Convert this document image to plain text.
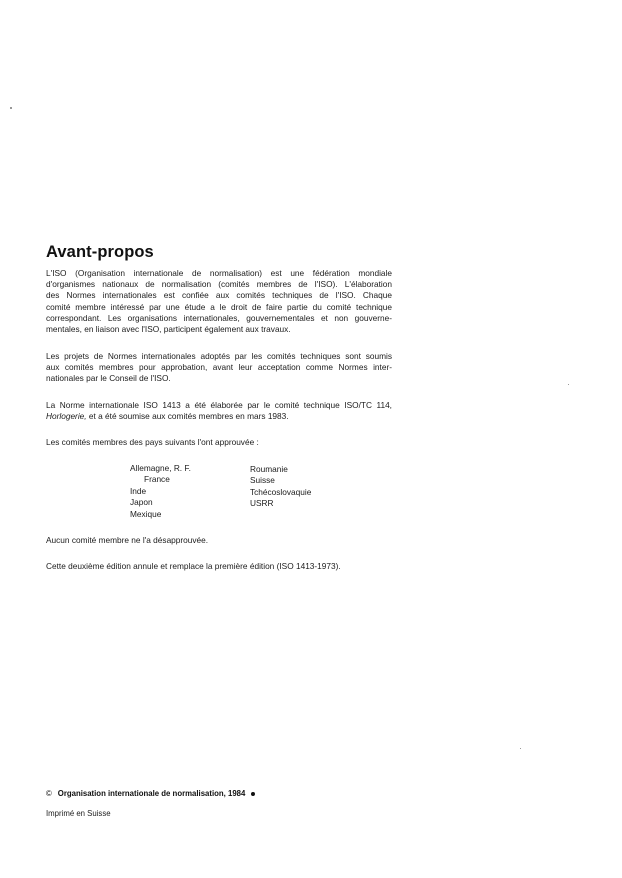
Avant-propos

L'ISO (Organisation internationale de normalisation) est une fédération mondiale
d'organismes nationaux de normalisation (comités membres de l'ISO). L'élaboration
des Normes internationales est confiée aux comités techniques de l'ISO. Chaque
comité membre intéressé par une étude a le droit de faire partie du comité technique
correspondant. Les organisations internationales, gouvernementales et non gouverne-
mentales, en liaison avec l'ISO, participent également aux travaux.

Les projets de Normes internationales adoptés par les comités techniques sont soumis
aux comités membres pour approbation, avant leur acceptation comme Normes inter-
nationales par le Conseil de l'ISO.

La Norme internationale ISO 1413 a été élaborée par le comité technique ISO/TC 114,
Horlogerie, et a été soumise aux comités membres en mars 1983.

Les comités membres des pays suivants l'ont approuvée :

Allemagne, R. F.
France
Inde
Japon
Mexique
Roumanie
Suisse
Tchécoslovaquie
USRR

Aucun comité membre ne l'a désapprouvée.

Cette deuxième édition annule et remplace la première édition (ISO 1413-1973).

© Organisation internationale de normalisation, 1984
Imprimé en Suisse
